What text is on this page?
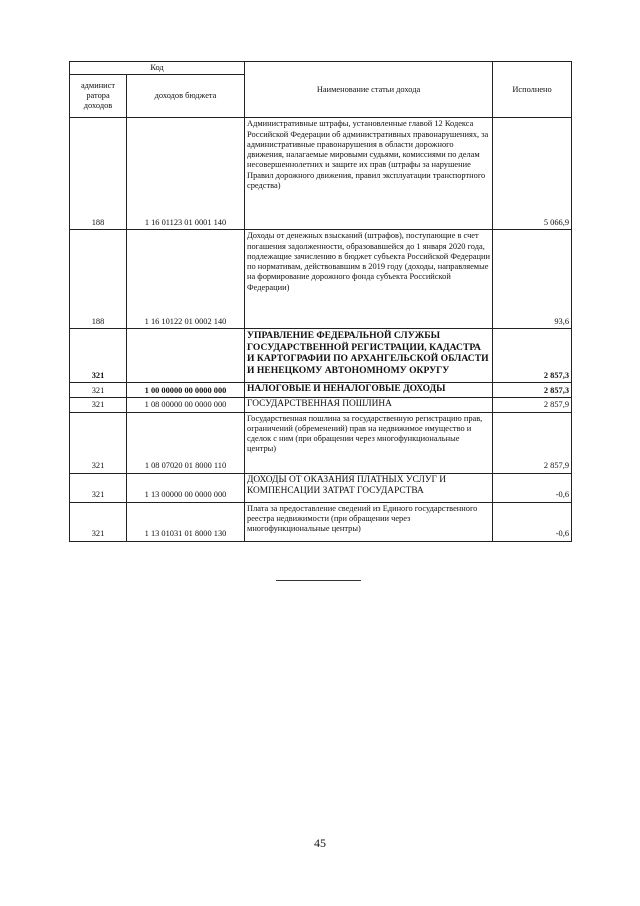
Код		Наименование статьи дохода	Исполнено
админист ратора доходов	доходов бюджета		
188	1 16 01123 01 0001 140	Административные штрафы, установленные главой 12 Кодекса Российской Федерации об административных правонарушениях, за административные правонарушения в области дорожного движения, налагаемые мировыми судьями, комиссиями по делам несовершеннолетних и защите их прав (штрафы за нарушение Правил дорожного движения, правил эксплуатации транспортного средства)	5 066,9
188	1 16 10122 01 0002 140	Доходы от денежных взысканий (штрафов), поступающие в счет погашения задолженности, образовавшейся до 1 января 2020 года, подлежащие зачислению в бюджет субъекта Российской Федерации по нормативам, действовавшим в 2019 году (доходы, направляемые на формирование дорожного фонда субъекта Российской Федерации)	93,6
321		УПРАВЛЕНИЕ ФЕДЕРАЛЬНОЙ СЛУЖБЫ ГОСУДАРСТВЕННОЙ РЕГИСТРАЦИИ, КАДАСТРА И КАРТОГРАФИИ ПО АРХАНГЕЛЬСКОЙ ОБЛАСТИ И НЕНЕЦКОМУ АВТОНОМНОМУ ОКРУГУ	2 857,3
321	1 00 00000 00 0000 000	НАЛОГОВЫЕ И НЕНАЛОГОВЫЕ ДОХОДЫ	2 857,3
321	1 08 00000 00 0000 000	ГОСУДАРСТВЕННАЯ ПОШЛИНА	2 857,9
321	1 08 07020 01 8000 110	Государственная пошлина за государственную регистрацию прав, ограничений (обременений) прав на недвижимое имущество и сделок с ним (при обращении через многофункциональные центры)	2 857,9
321	1 13 00000 00 0000 000	ДОХОДЫ ОТ ОКАЗАНИЯ ПЛАТНЫХ УСЛУГ И КОМПЕНСАЦИИ ЗАТРАТ ГОСУДАРСТВА	-0,6
321	1 13 01031 01 8000 130	Плата за предоставление сведений из Единого государственного реестра недвижимости (при обращении через многофункциональные центры)	-0,6
45
